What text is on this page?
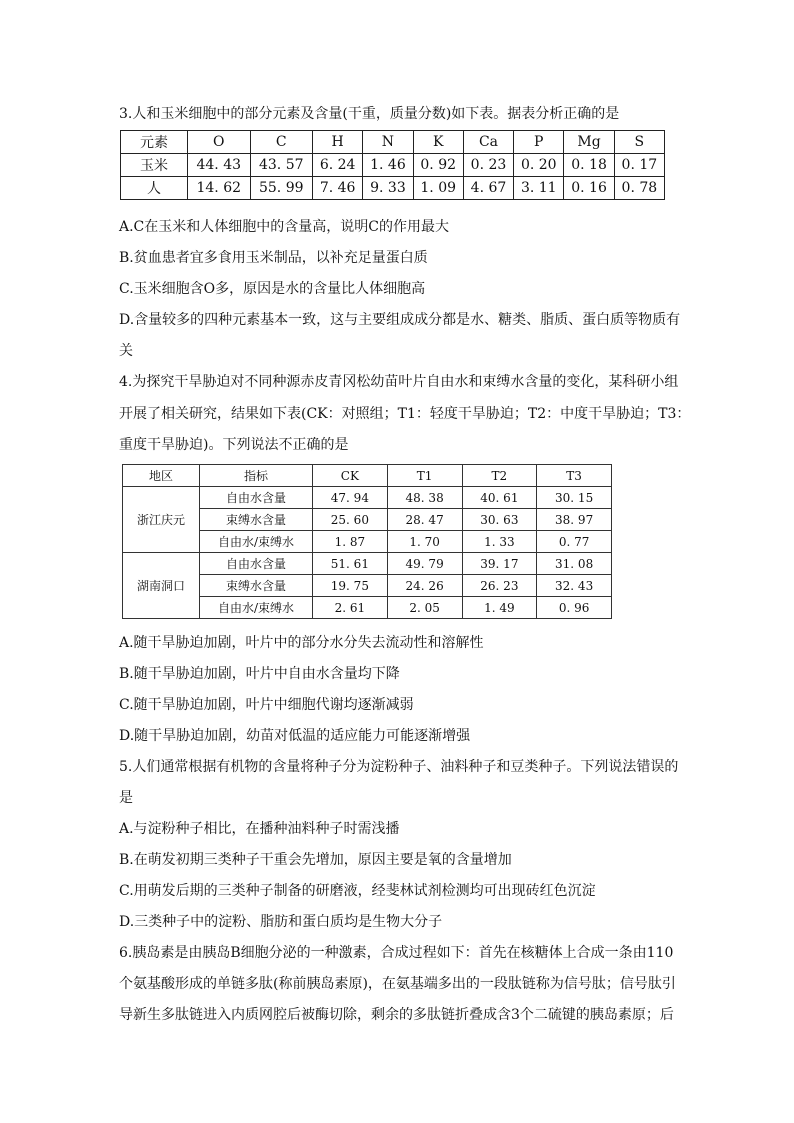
3.人和玉米细胞中的部分元素及含量(干重，质量分数)如下表。据表分析正确的是
元素	O	C	H	N	K	Ca	P	Mg	S
玉米	44. 43	43. 57	6. 24	1. 46	0. 92	0. 23	0. 20	0. 18	0. 17
人	14. 62	55. 99	7. 46	9. 33	1. 09	4. 67	3. 11	0. 16	0. 78
A.C在玉米和人体细胞中的含量高，说明C的作用最大
B.贫血患者宜多食用玉米制品，以补充足量蛋白质
C.玉米细胞含O多，原因是水的含量比人体细胞高
D.含量较多的四种元素基本一致，这与主要组成成分都是水、糖类、脂质、蛋白质等物质有
关
4.为探究干旱胁迫对不同种源赤皮青冈松幼苗叶片自由水和束缚水含量的变化，某科研小组
开展了相关研究，结果如下表(CK：对照组；T1：轻度干旱胁迫；T2：中度干旱胁迫；T3：
重度干旱胁迫)。下列说法不正确的是
地区	指标	CK	T1	T2	T3
浙江庆元	自由水含量	47. 94	48. 38	40. 61	30. 15
	束缚水含量	25. 60	28. 47	30. 63	38. 97
	自由水/束缚水	1. 87	1. 70	1. 33	0. 77
湖南洞口	自由水含量	51. 61	49. 79	39. 17	31. 08
	束缚水含量	19. 75	24. 26	26. 23	32. 43
	自由水/束缚水	2. 61	2. 05	1. 49	0. 96
A.随干旱胁迫加剧，叶片中的部分水分失去流动性和溶解性
B.随干旱胁迫加剧，叶片中自由水含量均下降
C.随干旱胁迫加剧，叶片中细胞代谢均逐渐减弱
D.随干旱胁迫加剧，幼苗对低温的适应能力可能逐渐增强
5.人们通常根据有机物的含量将种子分为淀粉种子、油料种子和豆类种子。下列说法错误的
是
A.与淀粉种子相比，在播种油料种子时需浅播
B.在萌发初期三类种子干重会先增加，原因主要是氧的含量增加
C.用萌发后期的三类种子制备的研磨液，经斐林试剂检测均可出现砖红色沉淀
D.三类种子中的淀粉、脂肪和蛋白质均是生物大分子
6.胰岛素是由胰岛B细胞分泌的一种激素，合成过程如下：首先在核糖体上合成一条由110
个氨基酸形成的单链多肽(称前胰岛素原)，在氨基端多出的一段肽链称为信号肽；信号肽引
导新生多肽链进入内质网腔后被酶切除，剩余的多肽链折叠成含3个二硫键的胰岛素原；后
